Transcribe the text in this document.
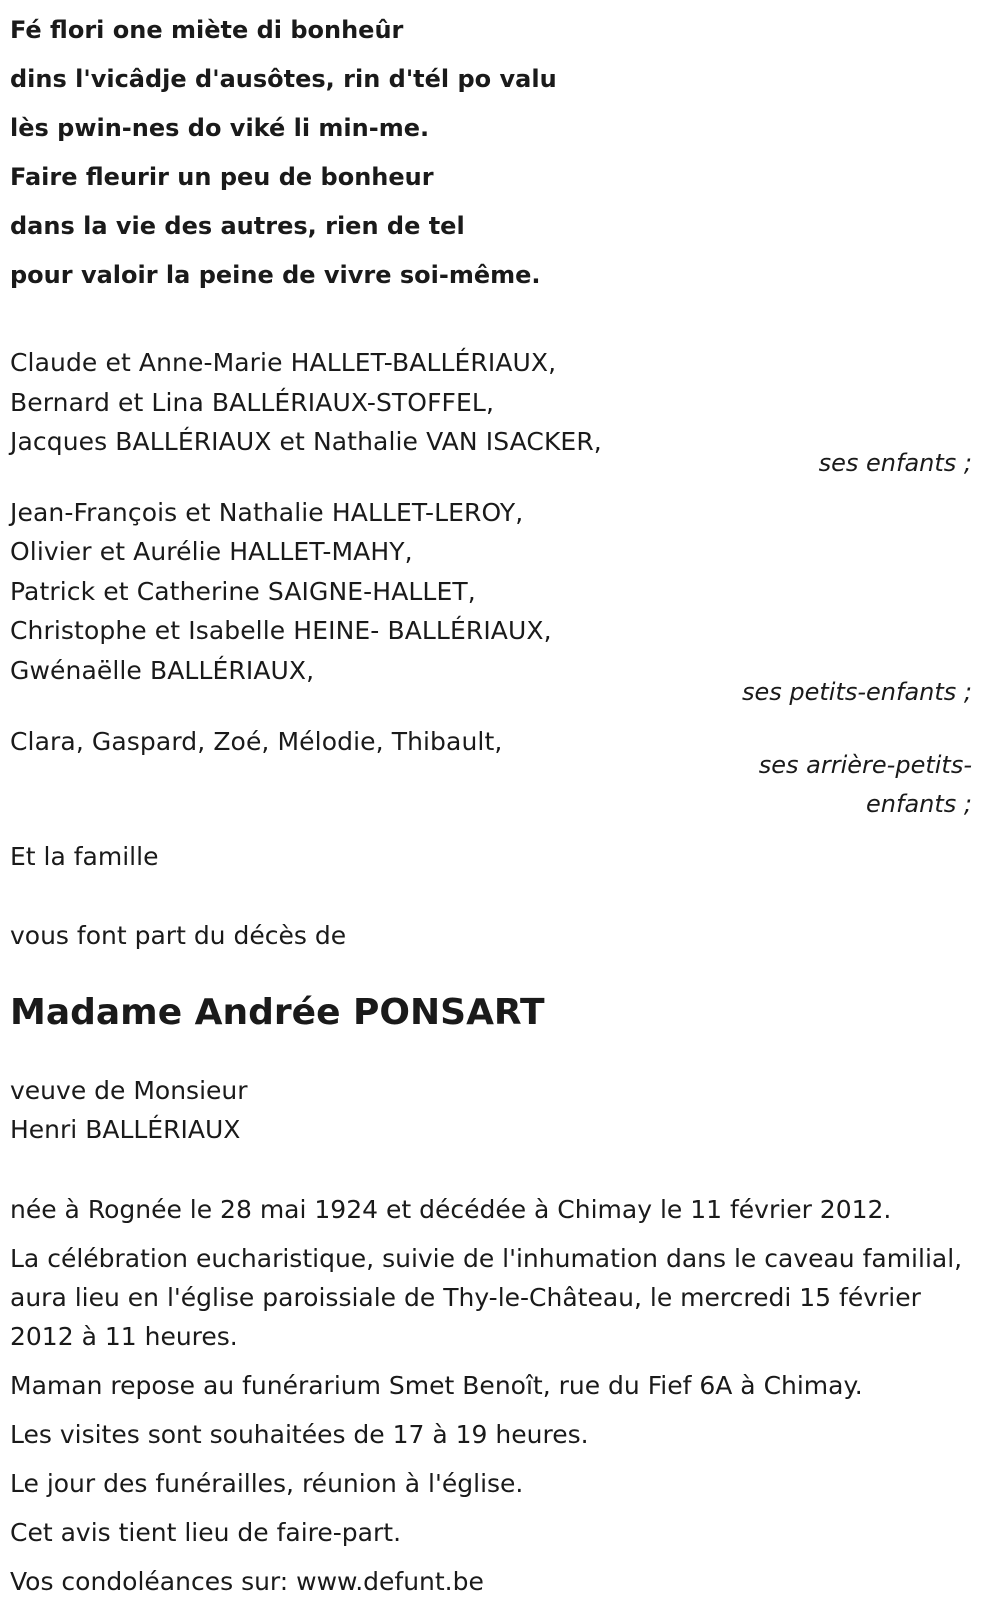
Fé flori one miète di bonheûr
dins l'vicâdje d'ausôtes, rin d'tél po valu
lès pwin-nes do viké li min-me.
Faire fleurir un peu de bonheur
dans la vie des autres, rien de tel
pour valoir la peine de vivre soi-même.
Claude et Anne-Marie HALLET-BALLÉRIAUX,
Bernard et Lina BALLÉRIAUX-STOFFEL,
Jacques BALLÉRIAUX et Nathalie VAN ISACKER,
ses enfants ;
Jean-François et Nathalie HALLET-LEROY,
Olivier et Aurélie HALLET-MAHY,
Patrick et Catherine SAIGNE-HALLET,
Christophe et Isabelle HEINE- BALLÉRIAUX,
Gwénaëlle BALLÉRIAUX,
ses petits-enfants ;
Clara, Gaspard, Zoé, Mélodie, Thibault,
ses arrière-petits-
enfants ;
Et la famille
vous font part du décès de
Madame Andrée PONSART
veuve de Monsieur
Henri BALLÉRIAUX
née à Rognée le 28 mai 1924 et décédée à Chimay le 11 février 2012.
La célébration eucharistique, suivie de l'inhumation dans le caveau familial, aura lieu en l'église paroissiale de Thy-le-Château, le mercredi 15 février 2012 à 11 heures.
Maman repose au funérarium Smet Benoît, rue du Fief 6A à Chimay.
Les visites sont souhaitées de 17 à 19 heures.
Le jour des funérailles, réunion à l'église.
Cet avis tient lieu de faire-part.
Vos condoléances sur: www.defunt.be
